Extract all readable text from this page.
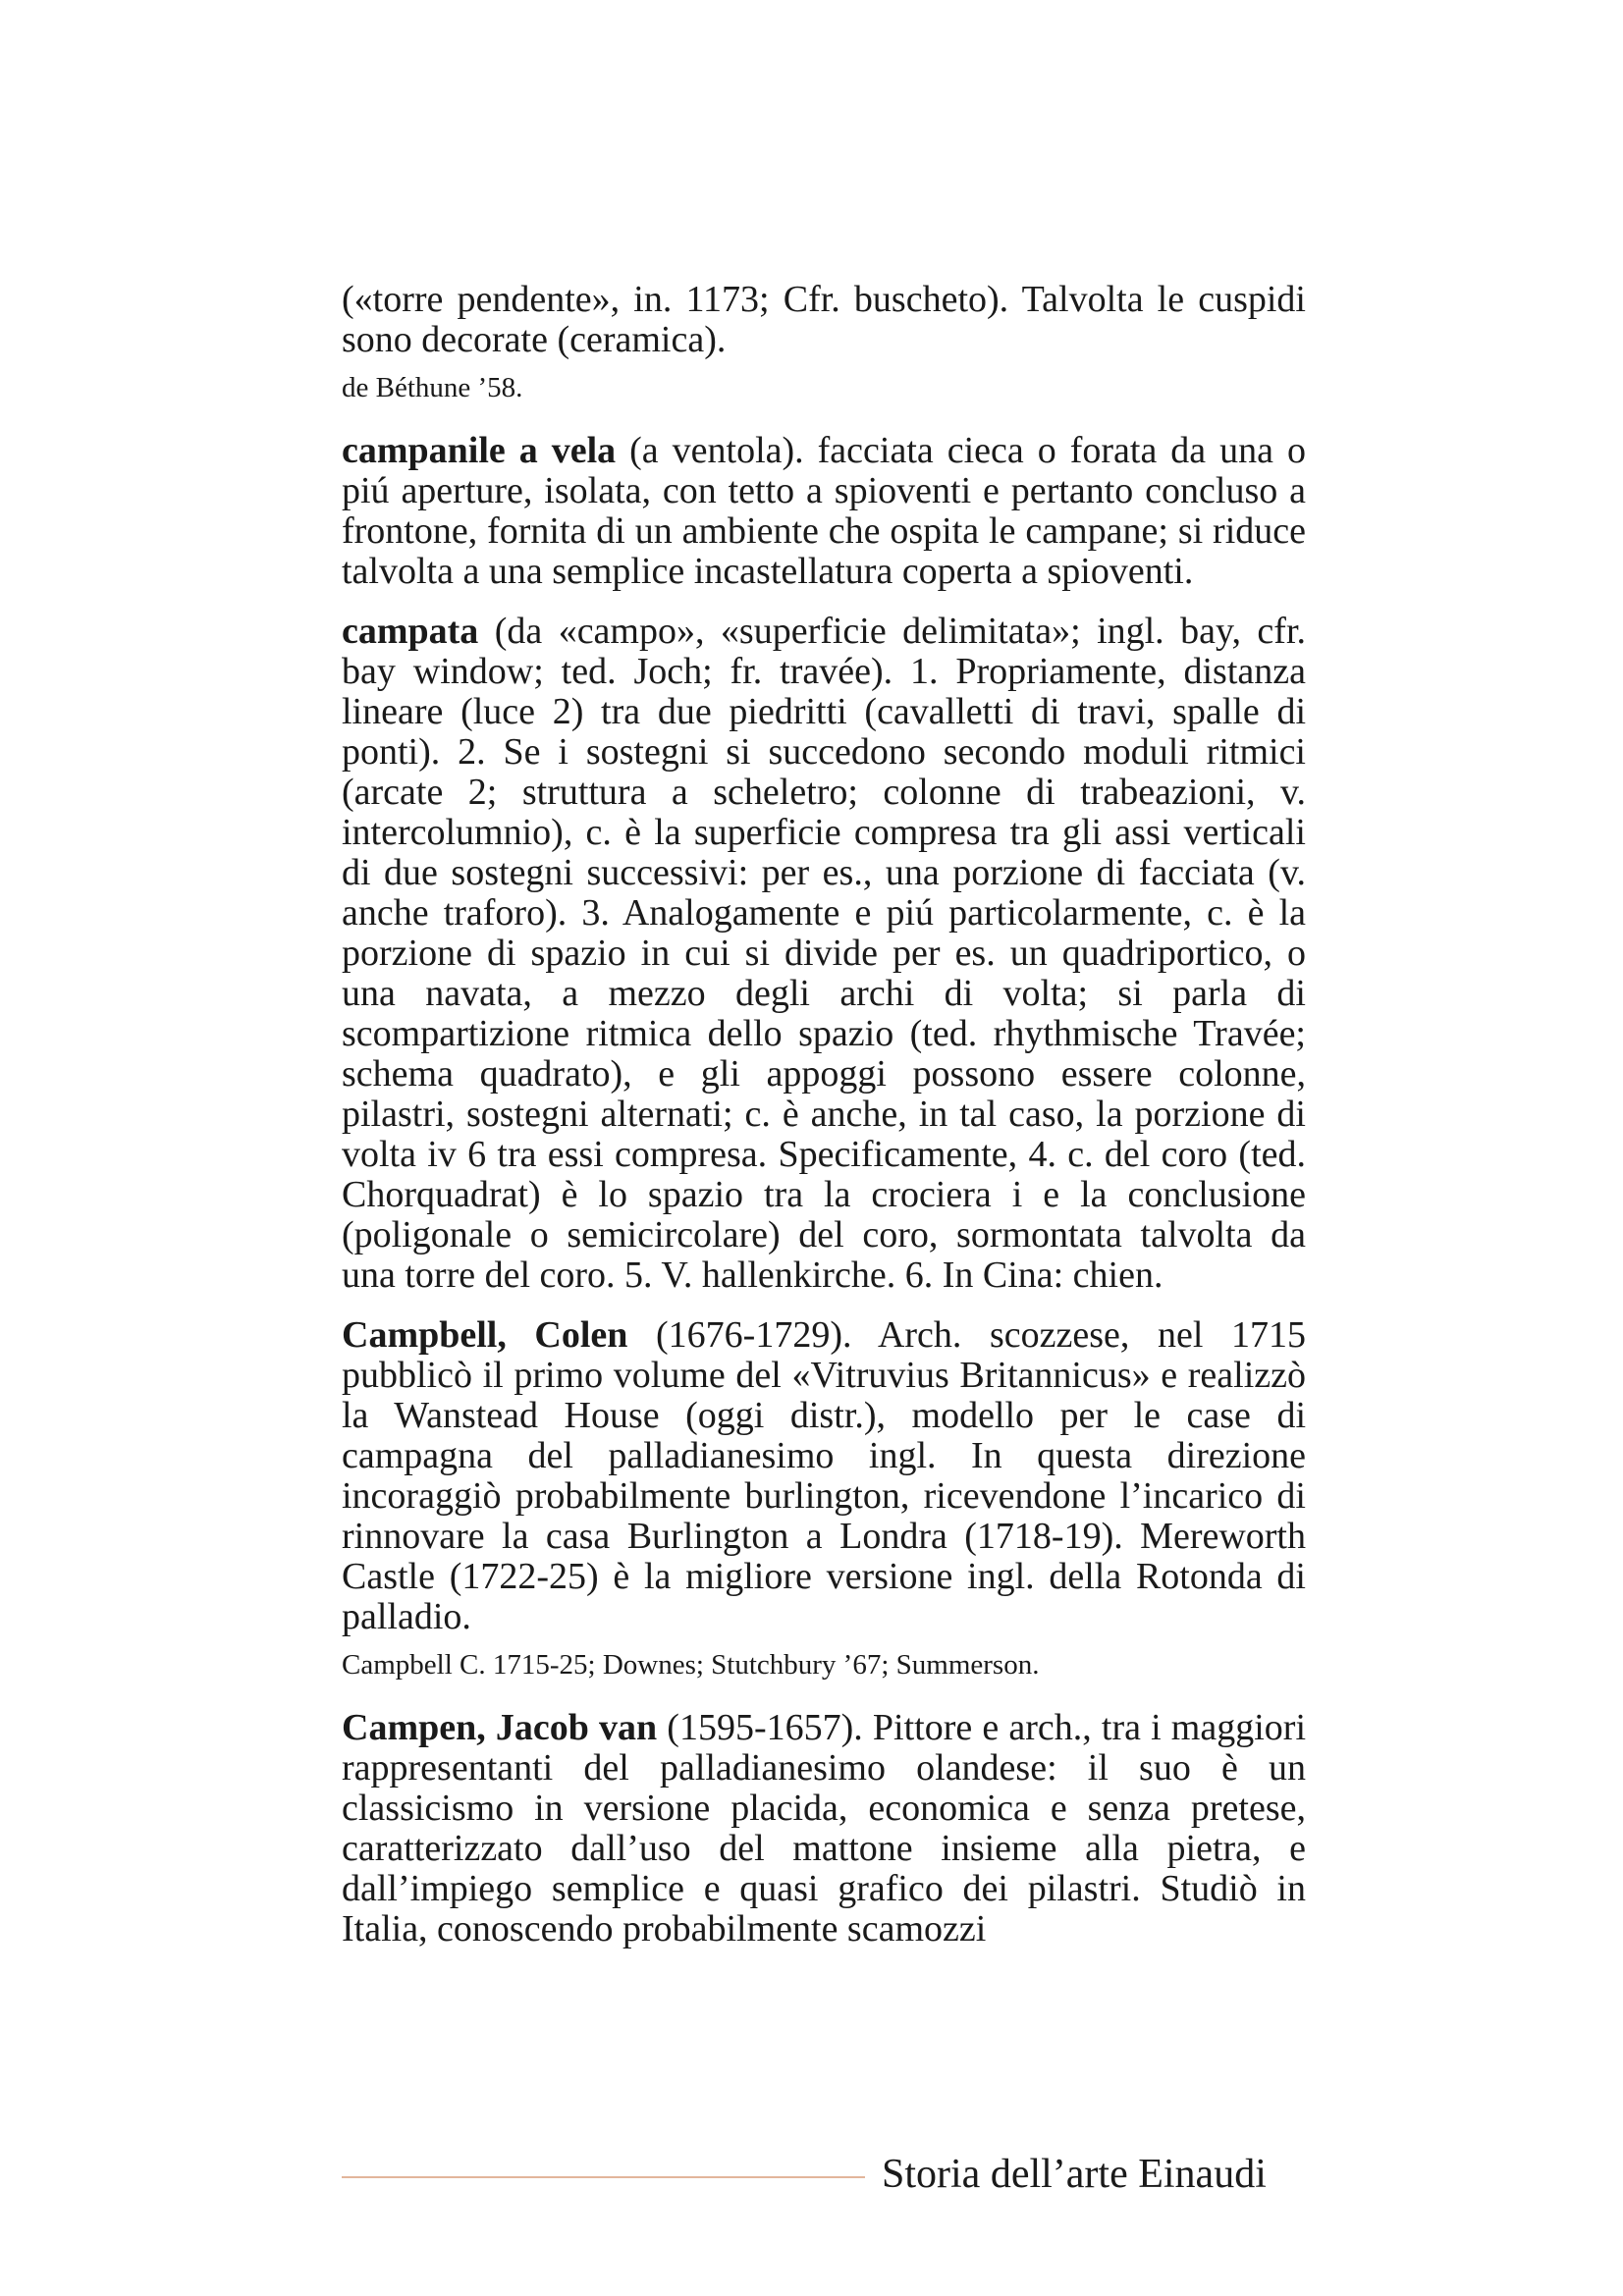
(«torre pendente», in. 1173; Cfr. buscheto). Talvolta le cuspidi sono decorate (ceramica).

de Béthune ’58.

campanile a vela (a ventola). facciata cieca o forata da una o piú aperture, isolata, con tetto a spioventi e pertanto concluso a frontone, fornita di un ambiente che ospita le campane; si riduce talvolta a una semplice incastellatura coperta a spioventi.

campata (da «campo», «superficie delimitata»; ingl. bay, cfr. bay window; ted. Joch; fr. travée). 1. Propriamente, distanza lineare (luce 2) tra due piedritti (cavalletti di travi, spalle di ponti). 2. Se i sostegni si succedono secondo moduli ritmici (arcate 2; struttura a scheletro; colonne di trabeazioni, v. intercolumnio), c. è la superficie compresa tra gli assi verticali di due sostegni successivi: per es., una porzione di facciata (v. anche traforo). 3. Analogamente e piú particolarmente, c. è la porzione di spazio in cui si divide per es. un quadriportico, o una navata, a mezzo degli archi di volta; si parla di scompartizione ritmica dello spazio (ted. rhythmische Travée; schema quadrato), e gli appoggi possono essere colonne, pilastri, sostegni alternati; c. è anche, in tal caso, la porzione di volta iv 6 tra essi compresa. Specificamente, 4. c. del coro (ted. Chorquadrat) è lo spazio tra la crociera i e la conclusione (poligonale o semicircolare) del coro, sormontata talvolta da una torre del coro. 5. V. hallenkirche. 6. In Cina: chien.

Campbell, Colen (1676-1729). Arch. scozzese, nel 1715 pubblicò il primo volume del «Vitruvius Britannicus» e realizzò la Wanstead House (oggi distr.), modello per le case di campagna del palladianesimo ingl. In questa direzione incoraggiò probabilmente burlington, ricevendone l’incarico di rinnovare la casa Burlington a Londra (1718-19). Mereworth Castle (1722-25) è la migliore versione ingl. della Rotonda di palladio.

Campbell C. 1715-25; Downes; Stutchbury ’67; Summerson.

Campen, Jacob van (1595-1657). Pittore e arch., tra i maggiori rappresentanti del palladianesimo olandese: il suo è un classicismo in versione placida, economica e senza pretese, caratterizzato dall’uso del mattone insieme alla pietra, e dall’impiego semplice e quasi grafico dei pilastri. Studiò in Italia, conoscendo probabilmente scamozzi

Storia dell’arte Einaudi
